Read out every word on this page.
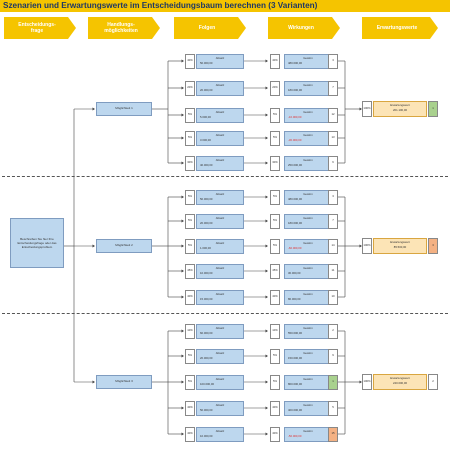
Szenarien und Erwartungswerte im Entscheidungsbaum berechnen (3 Varianten)
Entscheidungs-
frage
Handlungs-
möglichkeiten	Folgen	Wirkungen	Erwartungswerte
Beschreiben Sie hier Ihre Entscheidungsfrage oder das Entscheidungsproblem
Möglichkeit 1
40%
Absatz
50.000,00
40%
Gewinn
480.000,00
3
20%
Absatz
20.000,00
20%
Gewinn
180.000,00
7
5%
Absatz
5.000,00
5%
Gewinn
-10.000,00
12
5%
Absatz
3.000,00
5%
Gewinn
-30.000,00
13
30%
Absatz
40.000,00
30%
Gewinn
250.000,00
6
100%
Erwartungswert
201.100,00	1
Möglichkeit 2
5%
Absatz
50.000,00
5%
Gewinn
480.000,00
3
5%
Absatz
20.000,00
5%
Gewinn
180.000,00
7
5%
Absatz
1.000,00
5%
Gewinn
-60.000,00
14
45%
Absatz
10.000,00
45%
Gewinn
30.000,00
11
40%
Absatz
15.000,00
40%
Gewinn
80.000,00
10
100%
Erwartungswert
85.500,00	3
Möglichkeit 3
10%
Absatz
60.000,00
10%
Gewinn
550.000,00
2
5%
Absatz
20.000,00
5%
Gewinn
150.000,00
9
5%
Absatz
100.000,00
5%
Gewinn
800.000,00
1
40%
Absatz
50.000,00
40%
Gewinn
400.000,00
5
40%
Absatz
10.000,00
40%
Gewinn
-50.000,00
15
100%
Erwartungswert
240.000,00	2
